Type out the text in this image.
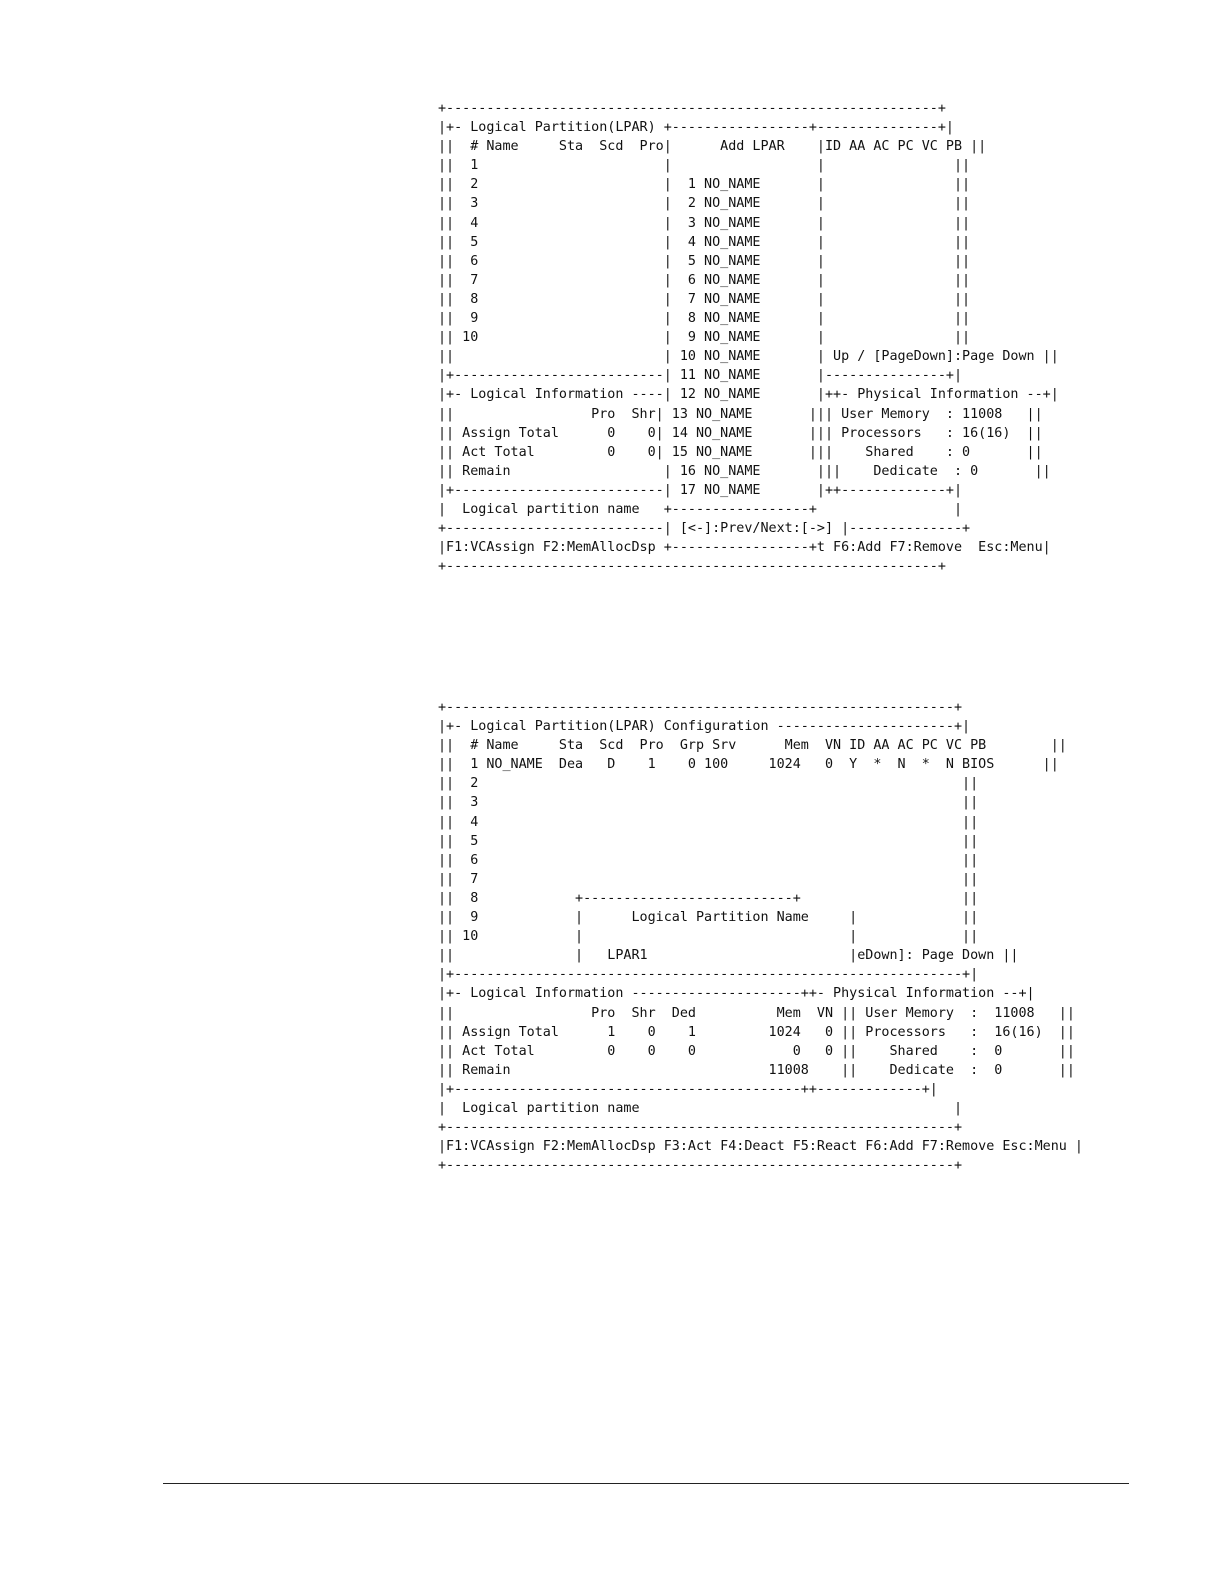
+-------------------------------------------------------------+
|+- Logical Partition(LPAR) +-----------------+---------------+|
||  # Name     Sta  Scd  Pro|      Add LPAR    |ID AA AC PC VC PB ||
||  1                       |                  |                ||
||  2                       |  1 NO_NAME       |                ||
||  3                       |  2 NO_NAME       |                ||
||  4                       |  3 NO_NAME       |                ||
||  5                       |  4 NO_NAME       |                ||
||  6                       |  5 NO_NAME       |                ||
||  7                       |  6 NO_NAME       |                ||
||  8                       |  7 NO_NAME       |                ||
||  9                       |  8 NO_NAME       |                ||
|| 10                       |  9 NO_NAME       |                ||
||                          | 10 NO_NAME       | Up / [PageDown]:Page Down ||
|+--------------------------| 11 NO_NAME       |---------------+|
|+- Logical Information ----| 12 NO_NAME       |++- Physical Information --+|
||                 Pro  Shr| 13 NO_NAME       ||| User Memory  : 11008   ||
|| Assign Total      0    0| 14 NO_NAME       ||| Processors   : 16(16)  ||
|| Act Total         0    0| 15 NO_NAME       |||    Shared    : 0       ||
|| Remain                   | 16 NO_NAME       |||    Dedicate  : 0       ||
|+--------------------------| 17 NO_NAME       |++-------------+|
|  Logical partition name   +-----------------+                 |
+---------------------------| [<-]:Prev/Next:[->] |--------------+
|F1:VCAssign F2:MemAllocDsp +-----------------+t F6:Add F7:Remove  Esc:Menu|
+-------------------------------------------------------------+
+---------------------------------------------------------------+
|+- Logical Partition(LPAR) Configuration ----------------------+|
||  # Name     Sta  Scd  Pro  Grp Srv      Mem  VN ID AA AC PC VC PB        ||
||  1 NO_NAME  Dea   D    1    0 100     1024   0  Y  *  N  *  N BIOS      ||
||  2                                                            ||
||  3                                                            ||
||  4                                                            ||
||  5                                                            ||
||  6                                                            ||
||  7                                                            ||
||  8            +--------------------------+                    ||
||  9            |      Logical Partition Name     |             ||
|| 10            |                                 |             ||
||               |   LPAR1                         |eDown]: Page Down ||
|+---------------------------------------------------------------+|
|+- Logical Information ---------------------++- Physical Information --+|
||                 Pro  Shr  Ded          Mem  VN || User Memory  :  11008   ||
|| Assign Total      1    0    1         1024   0 || Processors   :  16(16)  ||
|| Act Total         0    0    0            0   0 ||    Shared    :  0       ||
|| Remain                                11008    ||    Dedicate  :  0       ||
|+-------------------------------------------++-------------+|
|  Logical partition name                                       |
+---------------------------------------------------------------+
|F1:VCAssign F2:MemAllocDsp F3:Act F4:Deact F5:React F6:Add F7:Remove Esc:Menu |
+---------------------------------------------------------------+
